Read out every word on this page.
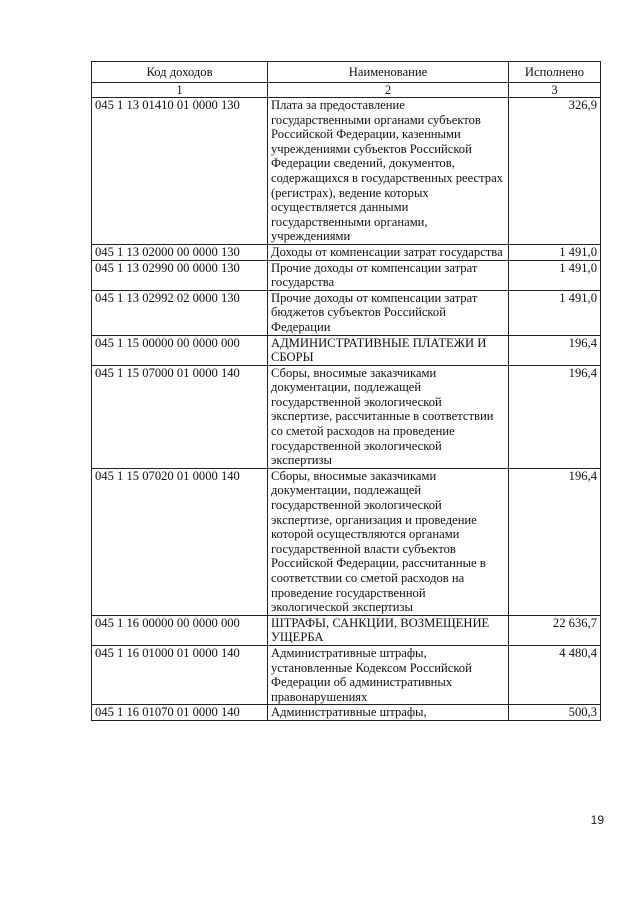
Код доходов	Наименование	Исполнено
1	2	3
045 1 13 01410 01 0000 130	Плата за предоставление государственными органами субъектов Российской Федерации, казенными учреждениями субъектов Российской Федерации сведений, документов, содержащихся в государственных реестрах (регистрах), ведение которых осуществляется данными государственными органами, учреждениями	326,9
045 1 13 02000 00 0000 130	Доходы от компенсации затрат государства	1 491,0
045 1 13 02990 00 0000 130	Прочие доходы от компенсации затрат государства	1 491,0
045 1 13 02992 02 0000 130	Прочие доходы от компенсации затрат бюджетов субъектов Российской Федерации	1 491,0
045 1 15 00000 00 0000 000	АДМИНИСТРАТИВНЫЕ ПЛАТЕЖИ И СБОРЫ	196,4
045 1 15 07000 01 0000 140	Сборы, вносимые заказчиками документации, подлежащей государственной экологической экспертизе, рассчитанные в соответствии со сметой расходов на проведение государственной экологической экспертизы	196,4
045 1 15 07020 01 0000 140	Сборы, вносимые заказчиками документации, подлежащей государственной экологической экспертизе, организация и проведение которой осуществляются органами государственной власти субъектов Российской Федерации, рассчитанные в соответствии со сметой расходов на проведение государственной экологической экспертизы	196,4
045 1 16 00000 00 0000 000	ШТРАФЫ, САНКЦИИ, ВОЗМЕЩЕНИЕ УЩЕРБА	22 636,7
045 1 16 01000 01 0000 140	Административные штрафы, установленные Кодексом Российской Федерации об административных правонарушениях	4 480,4
045 1 16 01070 01 0000 140	Административные штрафы,	500,3
19
